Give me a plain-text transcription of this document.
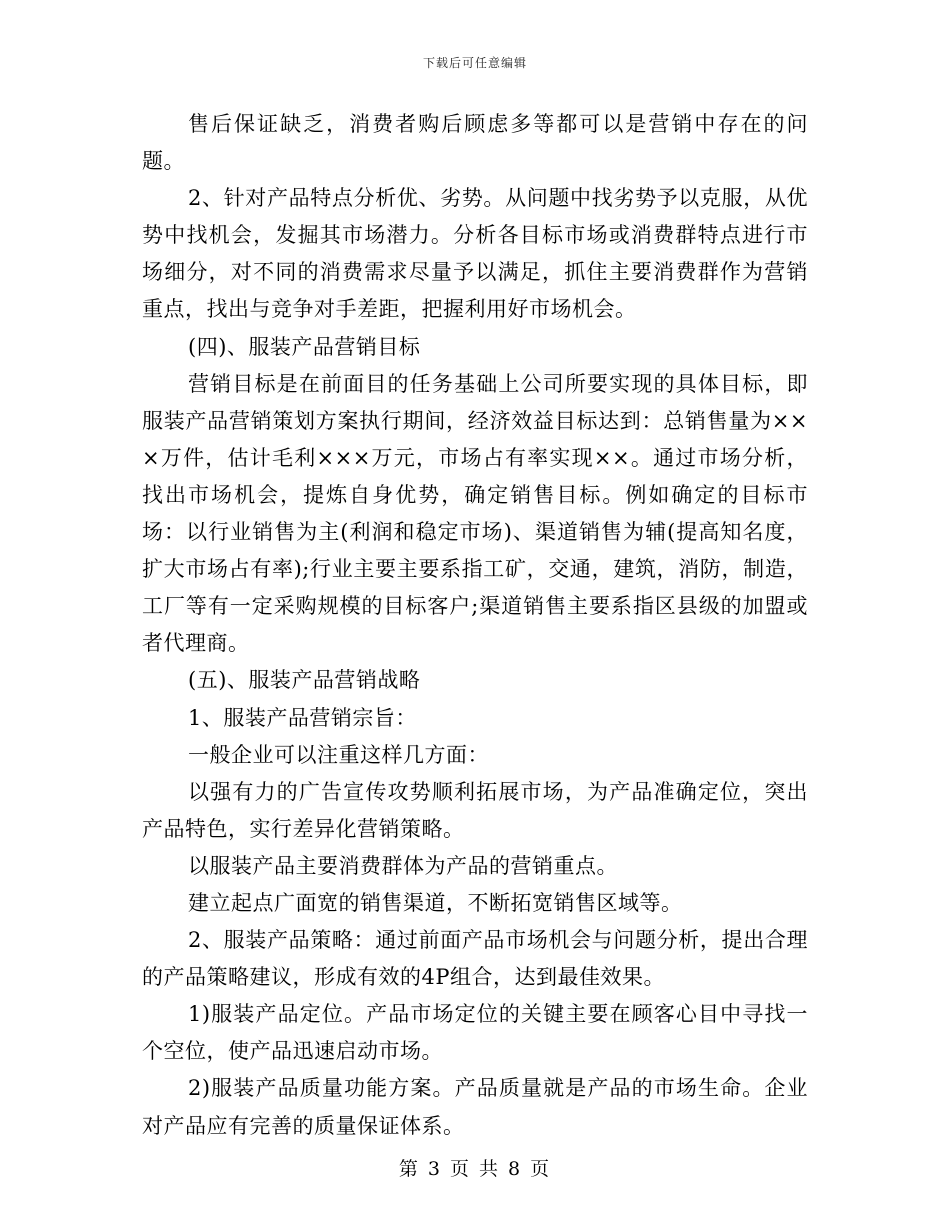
下载后可任意编辑

售后保证缺乏，消费者购后顾虑多等都可以是营销中存在的问题。

2、针对产品特点分析优、劣势。从问题中找劣势予以克服，从优势中找机会，发掘其市场潜力。分析各目标市场或消费群特点进行市场细分，对不同的消费需求尽量予以满足，抓住主要消费群作为营销重点，找出与竞争对手差距，把握利用好市场机会。

(四)、服装产品营销目标

营销目标是在前面目的任务基础上公司所要实现的具体目标，即服装产品营销策划方案执行期间，经济效益目标达到：总销售量为×××万件，估计毛利×××万元，市场占有率实现××。通过市场分析，找出市场机会，提炼自身优势，确定销售目标。例如确定的目标市场：以行业销售为主(利润和稳定市场)、渠道销售为辅(提高知名度，扩大市场占有率);行业主要主要系指工矿，交通，建筑，消防，制造，工厂等有一定采购规模的目标客户;渠道销售主要系指区县级的加盟或者代理商。

(五)、服装产品营销战略

1、服装产品营销宗旨：

一般企业可以注重这样几方面：

以强有力的广告宣传攻势顺利拓展市场，为产品准确定位，突出产品特色，实行差异化营销策略。

以服装产品主要消费群体为产品的营销重点。

建立起点广面宽的销售渠道，不断拓宽销售区域等。

2、服装产品策略：通过前面产品市场机会与问题分析，提出合理的产品策略建议，形成有效的4P组合，达到最佳效果。

1)服装产品定位。产品市场定位的关键主要在顾客心目中寻找一个空位，使产品迅速启动市场。

2)服装产品质量功能方案。产品质量就是产品的市场生命。企业对产品应有完善的质量保证体系。

第 3 页 共 8 页
